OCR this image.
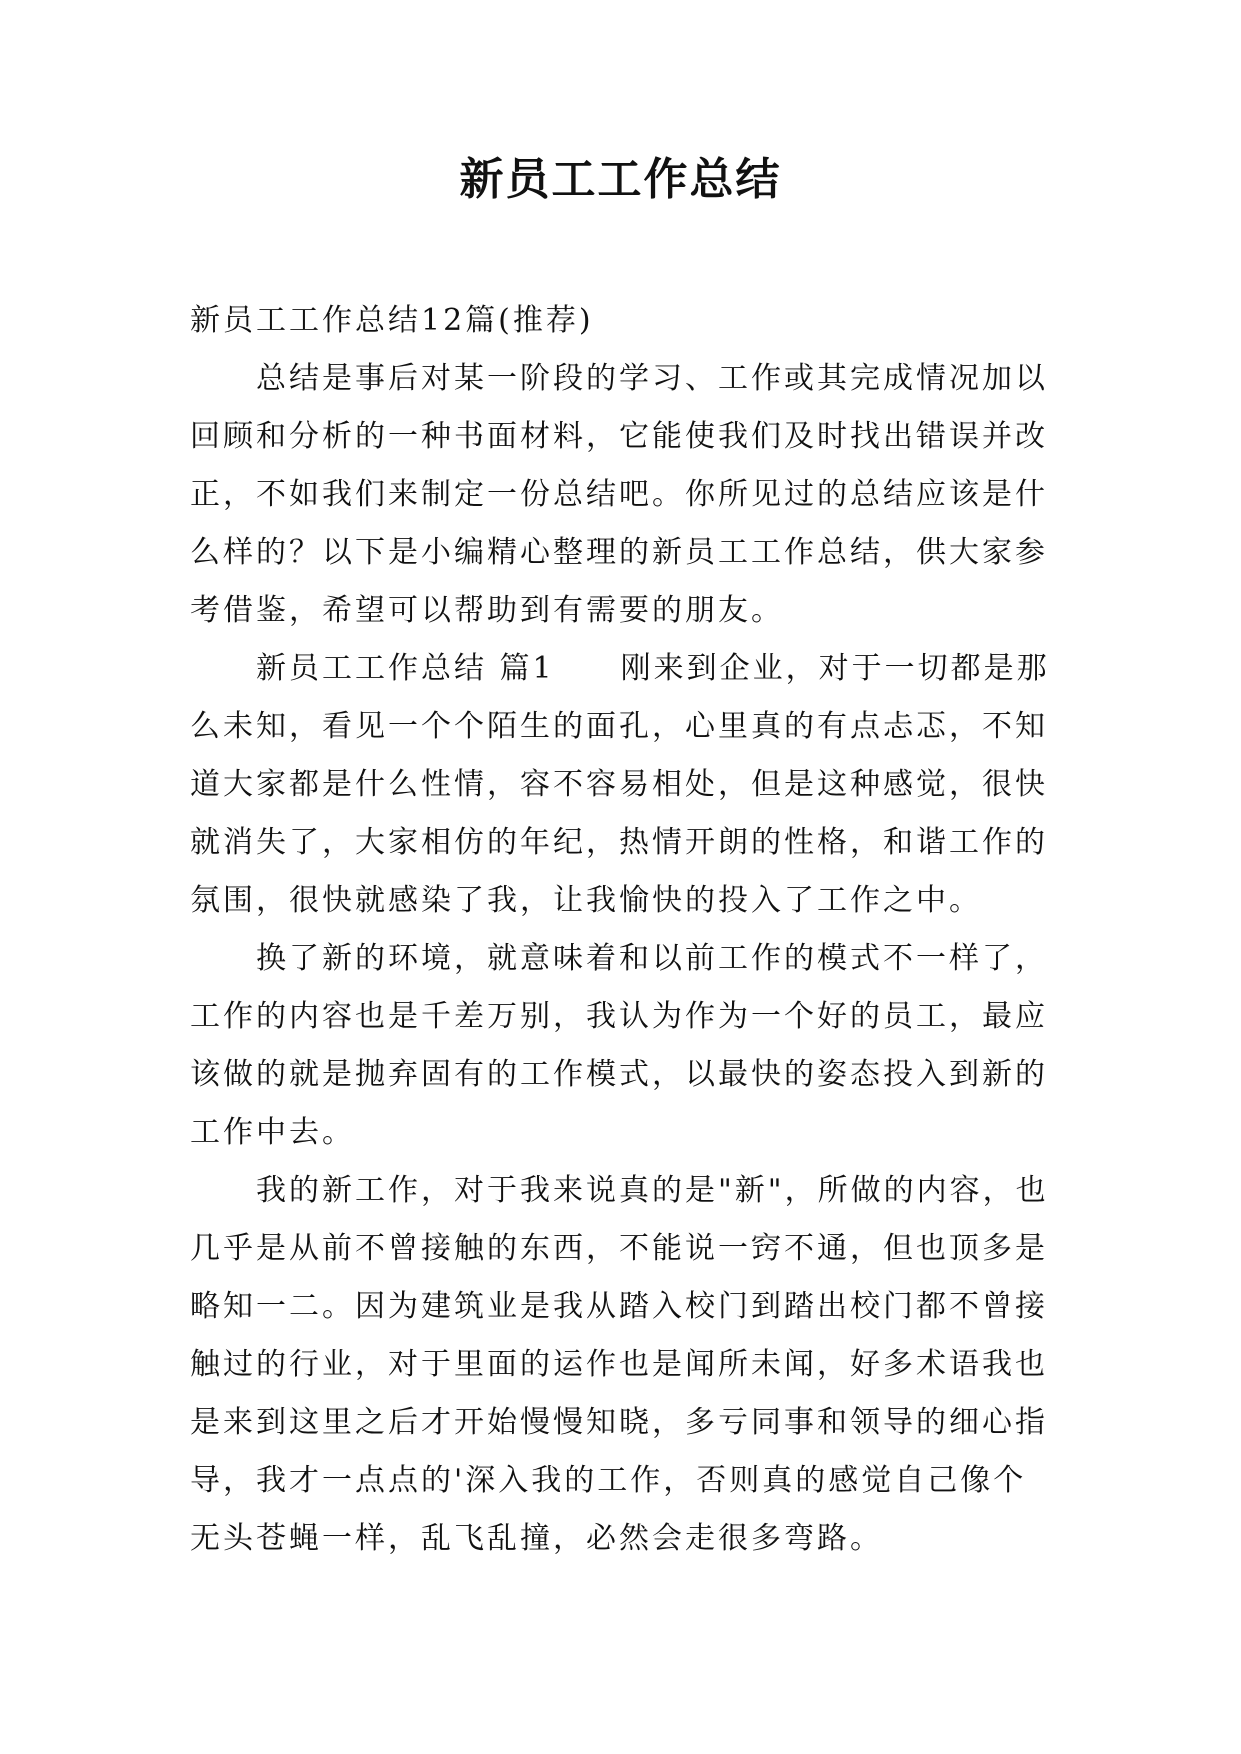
新员工工作总结
新员工工作总结12篇(推荐)
　　总结是事后对某一阶段的学习、工作或其完成情况加以
回顾和分析的一种书面材料，它能使我们及时找出错误并改
正，不如我们来制定一份总结吧。你所见过的总结应该是什
么样的？以下是小编精心整理的新员工工作总结，供大家参
考借鉴，希望可以帮助到有需要的朋友。
　　新员工工作总结 篇1　　刚来到企业，对于一切都是那
么未知，看见一个个陌生的面孔，心里真的有点忐忑，不知
道大家都是什么性情，容不容易相处，但是这种感觉，很快
就消失了，大家相仿的年纪，热情开朗的性格，和谐工作的
氛围，很快就感染了我，让我愉快的投入了工作之中。
　　换了新的环境，就意味着和以前工作的模式不一样了，
工作的内容也是千差万别，我认为作为一个好的员工，最应
该做的就是抛弃固有的工作模式，以最快的姿态投入到新的
工作中去。
　　我的新工作，对于我来说真的是"新"，所做的内容，也
几乎是从前不曾接触的东西，不能说一窍不通，但也顶多是
略知一二。因为建筑业是我从踏入校门到踏出校门都不曾接
触过的行业，对于里面的运作也是闻所未闻，好多术语我也
是来到这里之后才开始慢慢知晓，多亏同事和领导的细心指
导，我才一点点的'深入我的工作，否则真的感觉自己像个
无头苍蝇一样，乱飞乱撞，必然会走很多弯路。
